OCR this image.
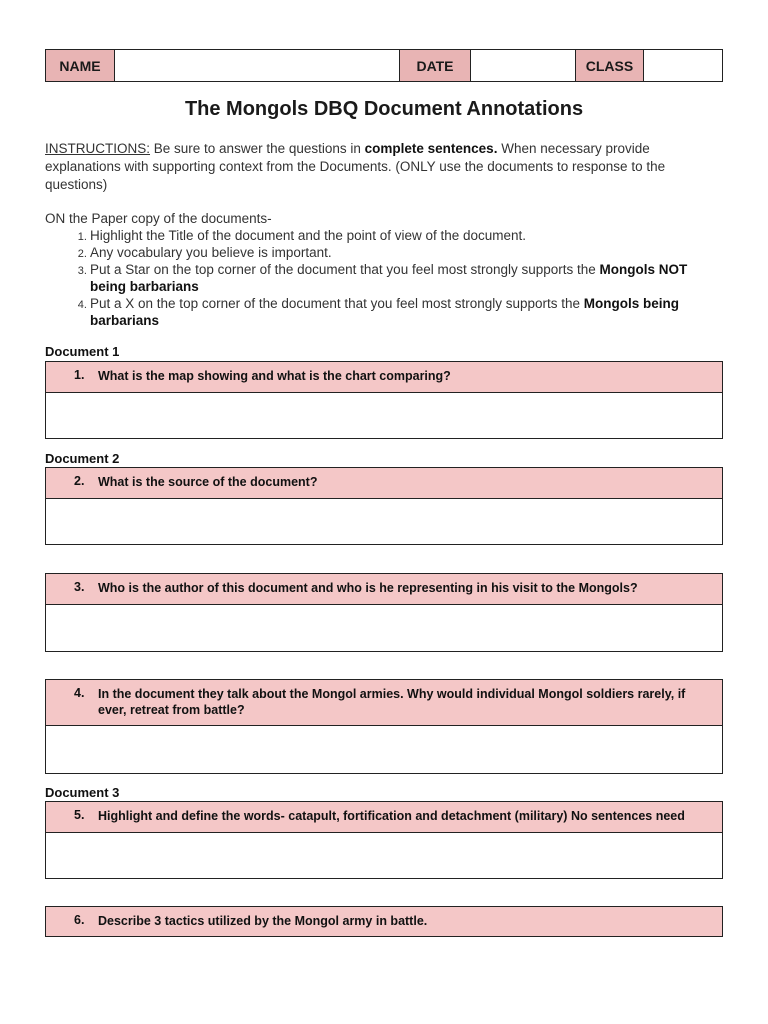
NAME		DATE		CLASS	
The Mongols DBQ Document Annotations
INSTRUCTIONS: Be sure to answer the questions in complete sentences. When necessary provide explanations with supporting context from the Documents. (ONLY use the documents to response to the questions)
ON the Paper copy of the documents-
1. Highlight the Title of the document and the point of view of the document.
2. Any vocabulary you believe is important.
3. Put a Star on the top corner of the document that you feel most strongly supports the Mongols NOT being barbarians
4. Put a X on the top corner of the document that you feel most strongly supports the Mongols being barbarians
Document 1
1.	What is the map showing and what is the chart comparing?
Document 2
2.	What is the source of the document?
3.	Who is the author of this document and who is he representing in his visit to the Mongols?
4.	In the document they talk about the Mongol armies. Why would individual Mongol soldiers rarely, if ever, retreat from battle?
Document 3
5.	Highlight and define the words- catapult, fortification and detachment (military) No sentences need
6.	Describe 3 tactics utilized by the Mongol army in battle.
